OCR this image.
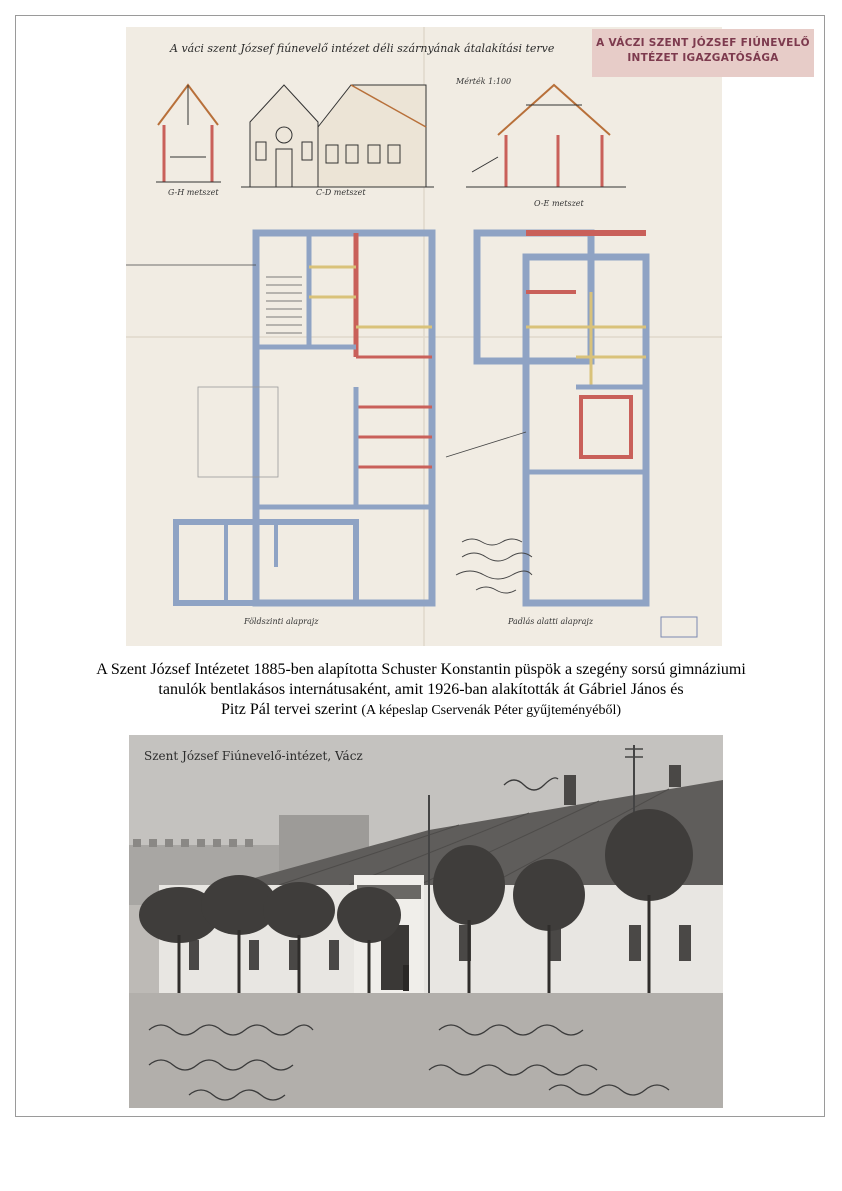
A váci szent József fiúnevelő intézet déli szárnyának átalakítási terve
Mérték 1:100
G-H metszet	C-D metszet
O-E metszet
Földszinti alaprajz	Padlás alatti alaprajz
A VÁCZI SZENT JÓZSEF FIÚNEVELŐ
INTÉZET IGAZGATÓSÁGA
A Szent József Intézetet 1885-ben alapította Schuster Konstantin püspök a szegény sorsú gimnáziumi
tanulók bentlakásos internátusaként, amit 1926-ban alakították át Gábriel János és
Pitz Pál tervei szerint (A képeslap Cservenák Péter gyűjteményéből)
Szent József Fiúnevelő-intézet, Vácz
